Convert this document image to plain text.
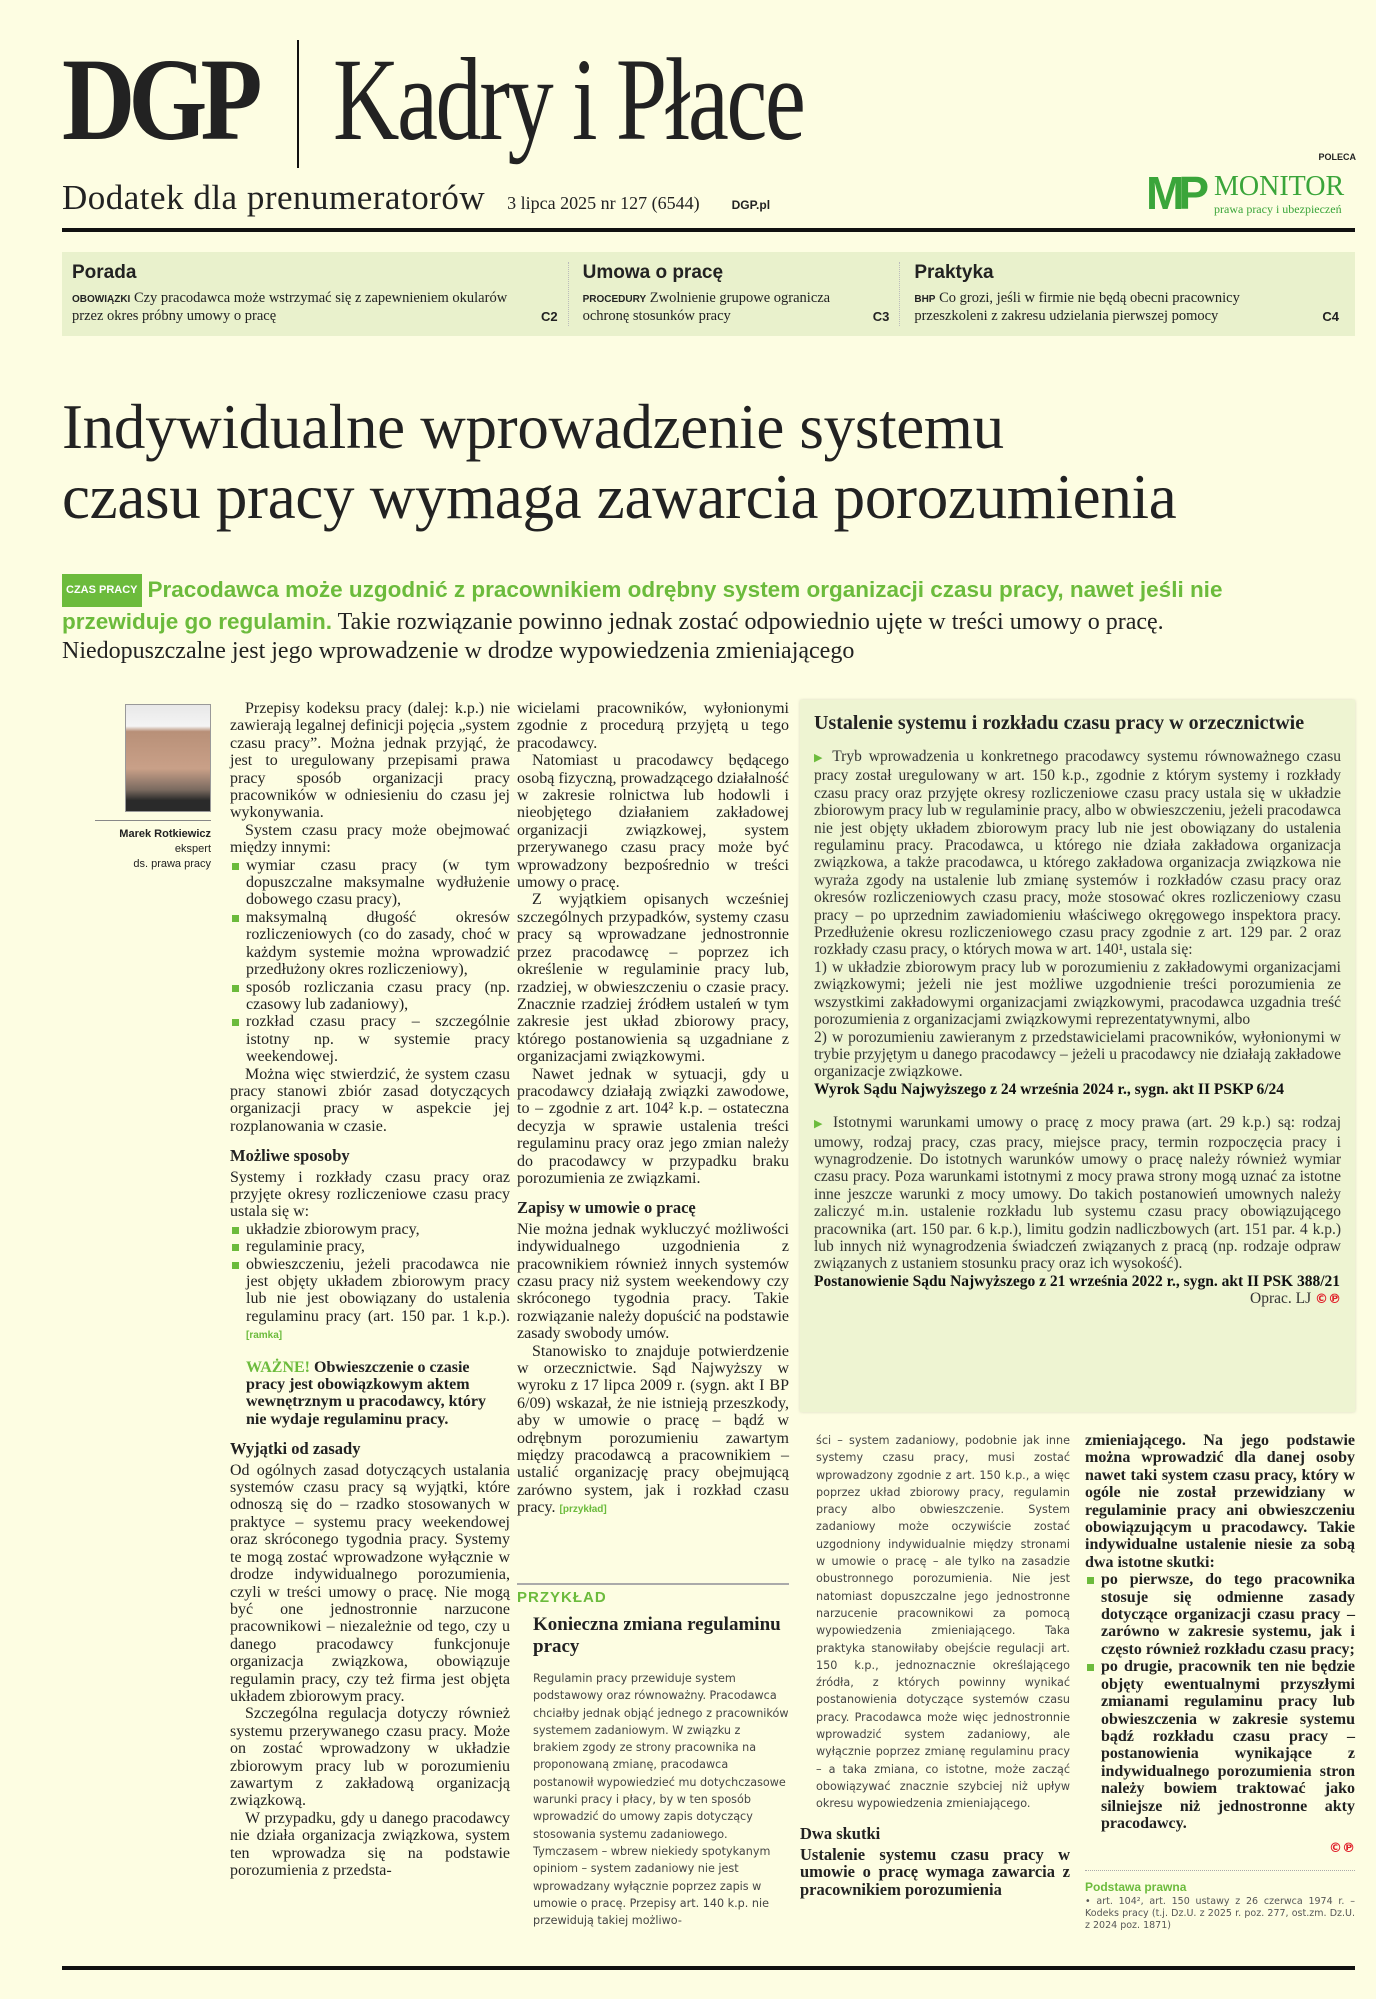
DGP Kadry i Płace
Dodatek dla prenumeratorów 3 lipca 2025 nr 127 (6544)	DGP.pl
POLECA
MP MONITOR
prawa pracy i ubezpieczeń
Porada
OBOWIĄZKI Czy pracodawca może wstrzymać się z zapewnieniem okularów przez okres próbny umowy o pracę	C2
Umowa o pracę
PROCEDURY Zwolnienie grupowe ogranicza ochronę stosunków pracy	C3
Praktyka
BHP Co grozi, jeśli w firmie nie będą obecni pracownicy przeszkoleni z zakresu udzielania pierwszej pomocy	C4
Indywidualne wprowadzenie systemu
czasu pracy wymaga zawarcia porozumienia
CZAS PRACY Pracodawca może uzgodnić z pracownikiem odrębny system organizacji czasu pracy, nawet jeśli nie przewiduje go regulamin. Takie rozwiązanie powinno jednak zostać odpowiednio ujęte w treści umowy o pracę. Niedopuszczalne jest jego wprowadzenie w drodze wypowiedzenia zmieniającego
Marek Rotkiewicz
ekspert
ds. prawa pracy

Przepisy kodeksu pracy (dalej: k.p.) nie zawierają legalnej definicji pojęcia „system czasu pracy”. Można jednak przyjąć, że jest to uregulowany przepisami prawa pracy sposób organizacji pracy pracowników w odniesieniu do czasu jej wykonywania.

System czasu pracy może obejmować między innymi:

wymiar czasu pracy (w tym dopuszczalne maksymalne wydłużenie dobowego czasu pracy),
maksymalną długość okresów rozliczeniowych (co do zasady, choć w każdym systemie można wprowadzić przedłużony okres rozliczeniowy),
sposób rozliczania czasu pracy (np. czasowy lub zadaniowy),
rozkład czasu pracy – szczególnie istotny np. w systemie pracy weekendowej.

Można więc stwierdzić, że system czasu pracy stanowi zbiór zasad dotyczących organizacji pracy w aspekcie jej rozplanowania w czasie.

Możliwe sposoby

Systemy i rozkłady czasu pracy oraz przyjęte okresy rozliczeniowe czasu pracy ustala się w:

układzie zbiorowym pracy,
regulaminie pracy,
obwieszczeniu, jeżeli pracodawca nie jest objęty układem zbiorowym pracy lub nie jest obowiązany do ustalenia regulaminu pracy (art. 150 par. 1 k.p.). [ramka]
WAŻNE! Obwieszczenie o czasie pracy jest obowiązkowym aktem wewnętrznym u pracodawcy, który nie wydaje regulaminu pracy.
Wyjątki od zasady

Od ogólnych zasad dotyczących ustalania systemów czasu pracy są wyjątki, które odnoszą się do – rzadko stosowanych w praktyce – systemu pracy weekendowej oraz skróconego tygodnia pracy. Systemy te mogą zostać wprowadzone wyłącznie w drodze indywidualnego porozumienia, czyli w treści umowy o pracę. Nie mogą być one jednostronnie narzucone pracownikowi – niezależnie od tego, czy u danego pracodawcy funkcjonuje organizacja związkowa, obowiązuje regulamin pracy, czy też firma jest objęta układem zbiorowym pracy.

Szczególna regulacja dotyczy również systemu przerywanego czasu pracy. Może on zostać wprowadzony w układzie zbiorowym pracy lub w porozumieniu zawartym z zakładową organizacją związkową.

W przypadku, gdy u danego pracodawcy nie działa organizacja związkowa, system ten wprowadza się na podstawie porozumienia z przedsta-

wicielami pracowników, wyłonionymi zgodnie z procedurą przyjętą u tego pracodawcy.

Natomiast u pracodawcy będącego osobą fizyczną, prowadzącego działalność w zakresie rolnictwa lub hodowli i nieobjętego działaniem zakładowej organizacji związkowej, system przerywanego czasu pracy może być wprowadzony bezpośrednio w treści umowy o pracę.

Z wyjątkiem opisanych wcześniej szczególnych przypadków, systemy czasu pracy są wprowadzane jednostronnie przez pracodawcę – poprzez ich określenie w regulaminie pracy lub, rzadziej, w obwieszczeniu o czasie pracy. Znacznie rzadziej źródłem ustaleń w tym zakresie jest układ zbiorowy pracy, którego postanowienia są uzgadniane z organizacjami związkowymi.

Nawet jednak w sytuacji, gdy u pracodawcy działają związki zawodowe, to – zgodnie z art. 104² k.p. – ostateczna decyzja w sprawie ustalenia treści regulaminu pracy oraz jego zmian należy do pracodawcy w przypadku braku porozumienia ze związkami.

Zapisy w umowie o pracę

Nie można jednak wykluczyć możliwości indywidualnego uzgodnienia z pracownikiem również innych systemów czasu pracy niż system weekendowy czy skróconego tygodnia pracy. Takie rozwiązanie należy dopuścić na podstawie zasady swobody umów.

Stanowisko to znajduje potwierdzenie w orzecznictwie. Sąd Najwyższy w wyroku z 17 lipca 2009 r. (sygn. akt I BP 6/09) wskazał, że nie istnieją przeszkody, aby w umowie o pracę – bądź w odrębnym porozumieniu zawartym między pracodawcą a pracownikiem – ustalić organizację pracy obejmującą zarówno system, jak i rozkład czasu pracy. [przykład]

PRZYKŁAD
Konieczna zmiana regulaminu pracy
Regulamin pracy przewiduje system podstawowy oraz równoważny. Pracodawca chciałby jednak objąć jednego z pracowników systemem zadaniowym. W związku z brakiem zgody ze strony pracownika na proponowaną zmianę, pracodawca postanowił wypowiedzieć mu dotychczasowe warunki pracy i płacy, by w ten sposób wprowadzić do umowy zapis dotyczący stosowania systemu zadaniowego. Tymczasem – wbrew niekiedy spotykanym opiniom – system zadaniowy nie jest wprowadzany wyłącznie poprzez zapis w umowie o pracę. Przepisy art. 140 k.p. nie przewidują takiej możliwo-
Ustalenie systemu i rozkładu czasu pracy w orzecznictwie
▶ Tryb wprowadzenia u konkretnego pracodawcy systemu równoważnego czasu pracy został uregulowany w art. 150 k.p., zgodnie z którym systemy i rozkłady czasu pracy oraz przyjęte okresy rozliczeniowe czasu pracy ustala się w układzie zbiorowym pracy lub w regulaminie pracy, albo w obwieszczeniu, jeżeli pracodawca nie jest objęty układem zbiorowym pracy lub nie jest obowiązany do ustalenia regulaminu pracy. Pracodawca, u którego nie działa zakładowa organizacja związkowa, a także pracodawca, u którego zakładowa organizacja związkowa nie wyraża zgody na ustalenie lub zmianę systemów i rozkładów czasu pracy oraz okresów rozliczeniowych czasu pracy, może stosować okres rozliczeniowy czasu pracy – po uprzednim zawiadomieniu właściwego okręgowego inspektora pracy. Przedłużenie okresu rozliczeniowego czasu pracy zgodnie z art. 129 par. 2 oraz rozkłady czasu pracy, o których mowa w art. 140¹, ustala się:
1) w układzie zbiorowym pracy lub w porozumieniu z zakładowymi organizacjami związkowymi; jeżeli nie jest możliwe uzgodnienie treści porozumienia ze wszystkimi zakładowymi organizacjami związkowymi, pracodawca uzgadnia treść porozumienia z organizacjami związkowymi reprezentatywnymi, albo
2) w porozumieniu zawieranym z przedstawicielami pracowników, wyłonionymi w trybie przyjętym u danego pracodawcy – jeżeli u pracodawcy nie działają zakładowe organizacje związkowe.
Wyrok Sądu Najwyższego z 24 września 2024 r., sygn. akt II PSKP 6/24
▶ Istotnymi warunkami umowy o pracę z mocy prawa (art. 29 k.p.) są: rodzaj umowy, rodzaj pracy, czas pracy, miejsce pracy, termin rozpoczęcia pracy i wynagrodzenie. Do istotnych warunków umowy o pracę należy również wymiar czasu pracy. Poza warunkami istotnymi z mocy prawa strony mogą uznać za istotne inne jeszcze warunki z mocy umowy. Do takich postanowień umownych należy zaliczyć m.in. ustalenie rozkładu lub systemu czasu pracy obowiązującego pracownika (art. 150 par. 6 k.p.), limitu godzin nadliczbowych (art. 151 par. 4 k.p.) lub innych niż wynagrodzenia świadczeń związanych z pracą (np. rodzaje odpraw związanych z ustaniem stosunku pracy oraz ich wysokość).
Postanowienie Sądu Najwyższego z 21 września 2022 r., sygn. akt II PSK 388/21
Oprac. LJ ©℗
ści – system zadaniowy, podobnie jak inne systemy czasu pracy, musi zostać wprowadzony zgodnie z art. 150 k.p., a więc poprzez układ zbiorowy pracy, regulamin pracy albo obwieszczenie. System zadaniowy może oczywiście zostać uzgodniony indywidualnie między stronami w umowie o pracę – ale tylko na zasadzie obustronnego porozumienia. Nie jest natomiast dopuszczalne jego jednostronne narzucenie pracownikowi za pomocą wypowiedzenia zmieniającego. Taka praktyka stanowiłaby obejście regulacji art. 150 k.p., jednoznacznie określającego źródła, z których powinny wynikać postanowienia dotyczące systemów czasu pracy. Pracodawca może więc jednostronnie wprowadzić system zadaniowy, ale wyłącznie poprzez zmianę regulaminu pracy – a taka zmiana, co istotne, może zacząć obowiązywać znacznie szybciej niż upływ okresu wypowiedzenia zmieniającego.
Dwa skutki
Ustalenie systemu czasu pracy w umowie o pracę wymaga zawarcia z pracownikiem porozumienia

zmieniającego. Na jego podstawie można wprowadzić dla danej osoby nawet taki system czasu pracy, który w ogóle nie został przewidziany w regulaminie pracy ani obwieszczeniu obowiązującym u pracodawcy. Takie indywidualne ustalenie niesie za sobą dwa istotne skutki:

po pierwsze, do tego pracownika stosuje się odmienne zasady dotyczące organizacji czasu pracy – zarówno w zakresie systemu, jak i często również rozkładu czasu pracy;
po drugie, pracownik ten nie będzie objęty ewentualnymi przyszłymi zmianami regulaminu pracy lub obwieszczenia w zakresie systemu bądź rozkładu czasu pracy – postanowienia wynikające z indywidualnego porozumienia stron należy bowiem traktować jako silniejsze niż jednostronne akty pracodawcy.
©℗
Podstawa prawna
• art. 104², art. 150 ustawy z 26 czerwca 1974 r. – Kodeks pracy (t.j. Dz.U. z 2025 r. poz. 277, ost.zm. Dz.U. z 2024 poz. 1871)
